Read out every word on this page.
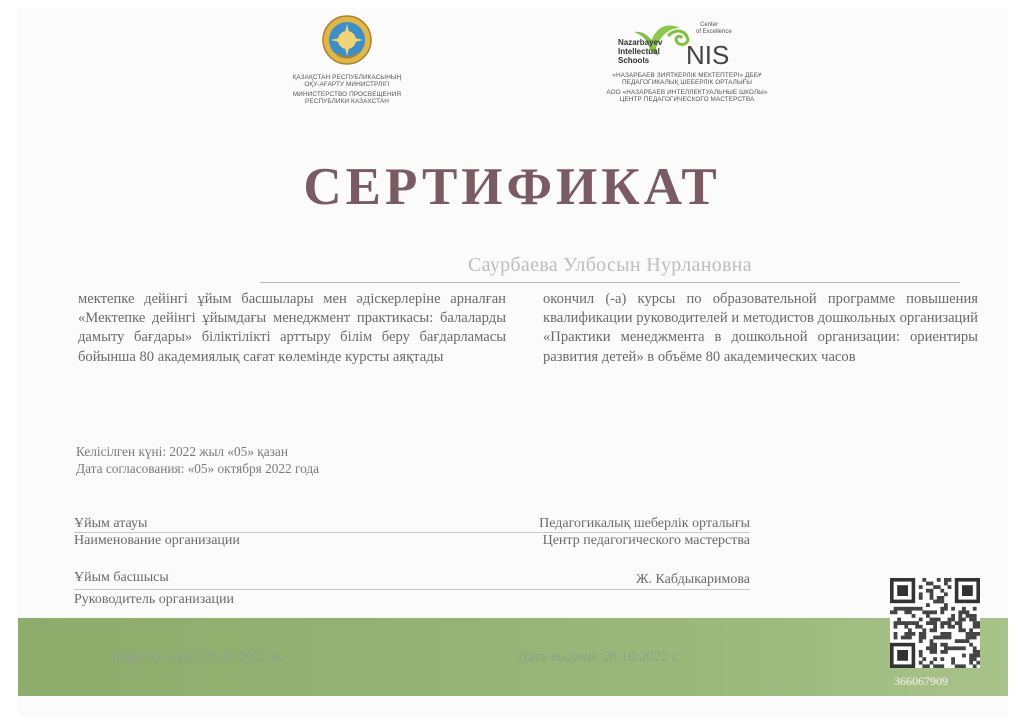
ҚАЗАҚСТАН РЕСПУБЛИКАСЫНЫҢ
ОҚУ-АҒАРТУ МИНИСТРЛІГІ
МИНИСТЕРСТВО ПРОСВЕЩЕНИЯ
РЕСПУБЛИКИ КАЗАХСТАН
Center
of Excellence
Nazarbayev
Intellectual
Schools NIS
«НАЗАРБАЕВ ЗИЯТКЕРЛІК МЕКТЕПТЕРІ» ДББҰ
ПЕДАГОГИКАЛЫҚ ШЕБЕРЛІК ОРТАЛЫҒЫ
АОО «НАЗАРБАЕВ ИНТЕЛЛЕКТУАЛЬНЫЕ ШКОЛЫ»
ЦЕНТР ПЕДАГОГИЧЕСКОГО МАСТЕРСТВА
СЕРТИФИКАТ
Саурбаева Улбосын Нурлановна
мектепке дейінгі ұйым басшылары мен әдіскерлеріне арналған «Мектепке дейінгі ұйымдағы менеджмент практикасы: балаларды дамыту бағдары» біліктілікті арттыру білім беру бағдарламасы бойынша 80 академиялық сағат көлемінде курсты аяқтады
окончил (-а) курсы по образовательной программе повышения квалификации руководителей и методистов дошкольных организаций «Практики менеджмента в дошкольной организации: ориентиры развития детей» в объёме 80 академических часов
Келісілген күні: 2022 жыл «05» қазан
Дата согласования: «05» октября 2022 года
Ұйым атауы	Педагогикалық шеберлік орталығы
Наименование организации	Центр педагогического мастерства
Ұйым басшысы	Ж. Кабдыкаримова
Руководитель организации
Берілген күні: 28.10.2022 ж.	Дата выдачи: 28.10.2022 г.
366067909
